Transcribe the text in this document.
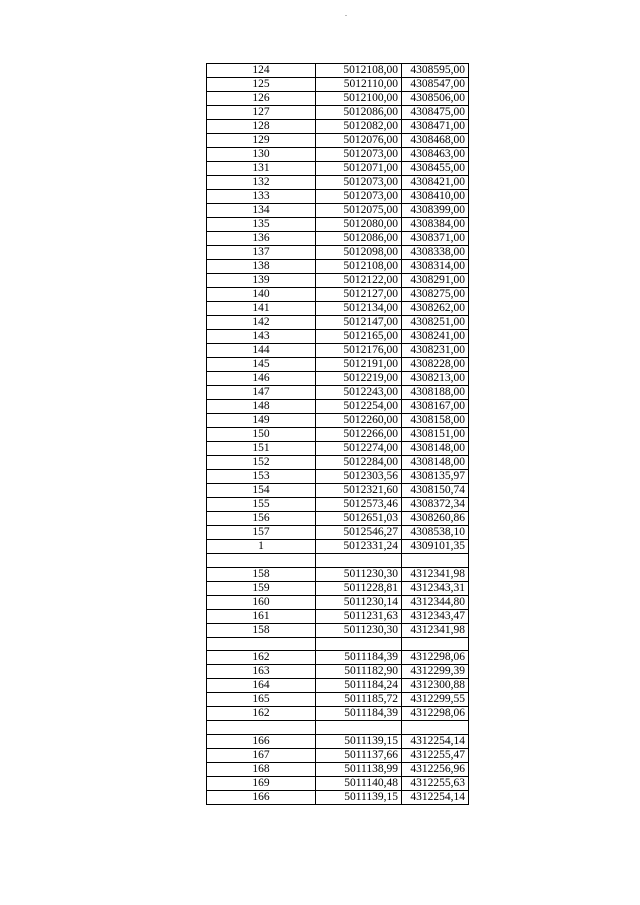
124	5012108,00	4308595,00
125	5012110,00	4308547,00
126	5012100,00	4308506,00
127	5012086,00	4308475,00
128	5012082,00	4308471,00
129	5012076,00	4308468,00
130	5012073,00	4308463,00
131	5012071,00	4308455,00
132	5012073,00	4308421,00
133	5012073,00	4308410,00
134	5012075,00	4308399,00
135	5012080,00	4308384,00
136	5012086,00	4308371,00
137	5012098,00	4308338,00
138	5012108,00	4308314,00
139	5012122,00	4308291,00
140	5012127,00	4308275,00
141	5012134,00	4308262,00
142	5012147,00	4308251,00
143	5012165,00	4308241,00
144	5012176,00	4308231,00
145	5012191,00	4308228,00
146	5012219,00	4308213,00
147	5012243,00	4308188,00
148	5012254,00	4308167,00
149	5012260,00	4308158,00
150	5012266,00	4308151,00
151	5012274,00	4308148,00
152	5012284,00	4308148,00
153	5012303,56	4308135,97
154	5012321,60	4308150,74
155	5012573,46	4308372,34
156	5012651,03	4308260,86
157	5012546,27	4308538,10
1	5012331,24	4309101,35

158	5011230,30	4312341,98
159	5011228,81	4312343,31
160	5011230,14	4312344,80
161	5011231,63	4312343,47
158	5011230,30	4312341,98

162	5011184,39	4312298,06
163	5011182,90	4312299,39
164	5011184,24	4312300,88
165	5011185,72	4312299,55
162	5011184,39	4312298,06

166	5011139,15	4312254,14
167	5011137,66	4312255,47
168	5011138,99	4312256,96
169	5011140,48	4312255,63
166	5011139,15	4312254,14
